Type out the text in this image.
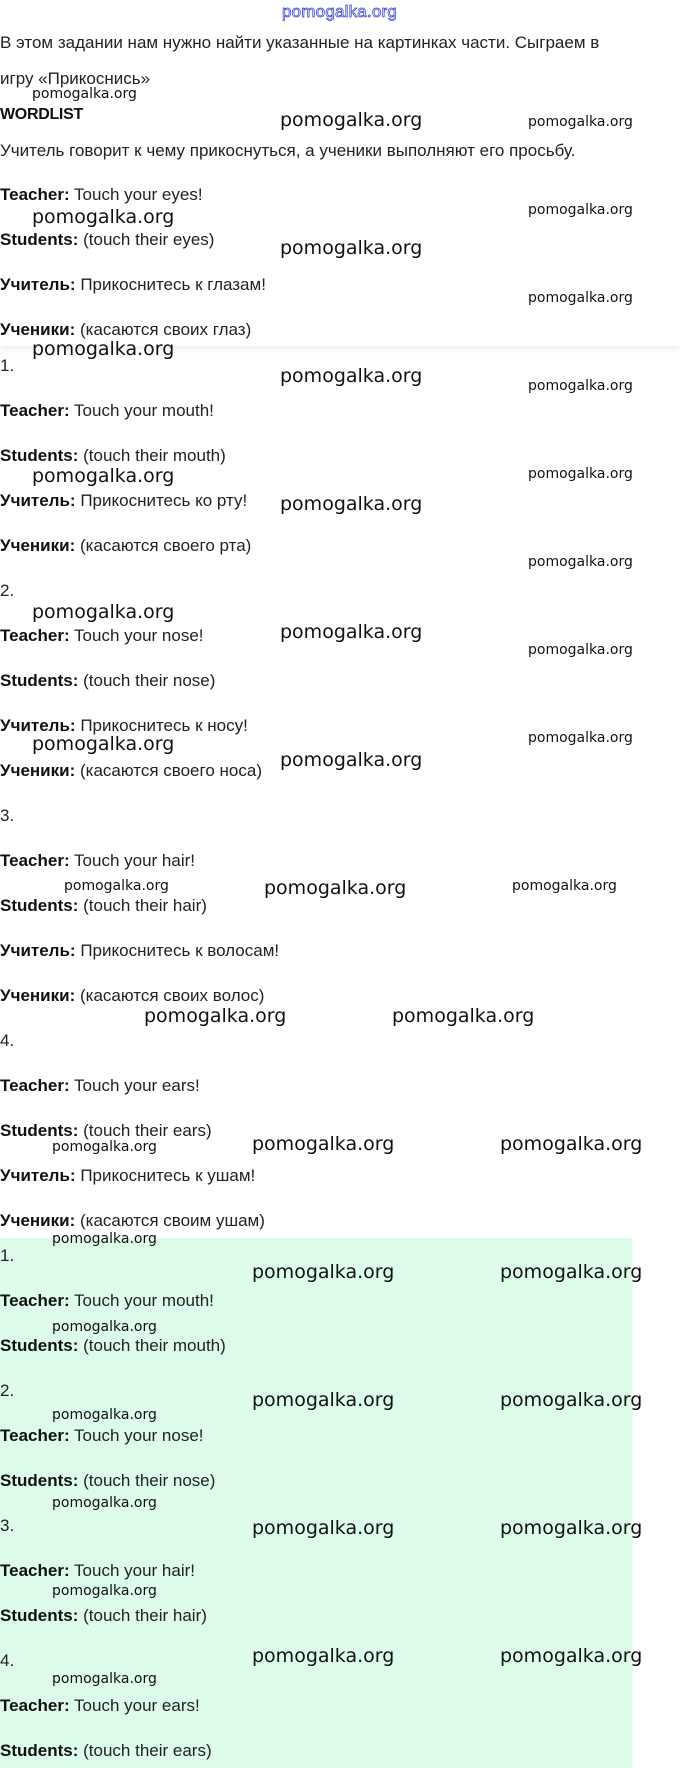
pomogalka.org

В этом задании нам нужно найти указанные на картинках части. Сыграем в

игру «Прикоснись»

WORDLIST

Учитель говорит к чему прикоснуться, а ученики выполняют его просьбу.

Teacher: Touch your eyes!

Students: (touch their eyes)

Учитель: Прикоснитесь к глазам!

Ученики: (касаются своих глаз)

1.

Teacher: Touch your mouth!

Students: (touch their mouth)

Учитель: Прикоснитесь ко рту!

Ученики: (касаются своего рта)

2.

Teacher: Touch your nose!

Students: (touch their nose)

Учитель: Прикоснитесь к носу!

Ученики: (касаются своего носа)

3.

Teacher: Touch your hair!

Students: (touch their hair)

Учитель: Прикоснитесь к волосам!

Ученики: (касаются своих волос)

4.

Teacher: Touch your ears!

Students: (touch their ears)

Учитель: Прикоснитесь к ушам!

Ученики: (касаются своим ушам)

1.

Teacher: Touch your mouth!

Students: (touch their mouth)

2.

Teacher: Touch your nose!

Students: (touch their nose)

3.

Teacher: Touch your hair!

Students: (touch their hair)

4.

Teacher: Touch your ears!

Students: (touch their ears)

pomogalka.org
pomogalka.org	pomogalka.org
pomogalka.org	pomogalka.org
pomogalka.org
pomogalka.org
pomogalka.org
pomogalka.org	pomogalka.org
pomogalka.org	pomogalka.org
pomogalka.org
pomogalka.org
pomogalka.org
pomogalka.org
pomogalka.org
pomogalka.org
pomogalka.org
pomogalka.org
pomogalka.org	pomogalka.org	pomogalka.org
pomogalka.org	pomogalka.org
pomogalka.org	pomogalka.org	pomogalka.org
pomogalka.org
pomogalka.org	pomogalka.org
pomogalka.org
pomogalka.org
pomogalka.org	pomogalka.org
pomogalka.org
pomogalka.org	pomogalka.org
pomogalka.org
pomogalka.org	pomogalka.org
pomogalka.org
